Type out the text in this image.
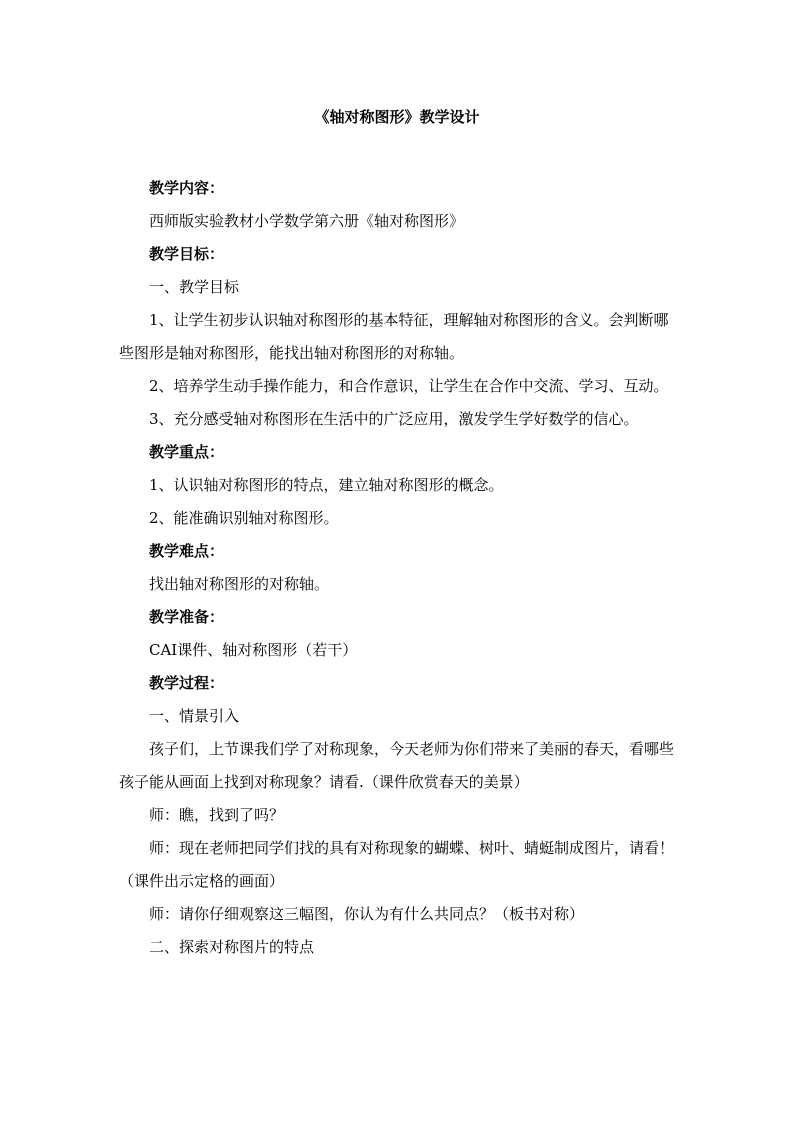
《轴对称图形》教学设计

教学内容：

西师版实验教材小学数学第六册《轴对称图形》

教学目标：

一、教学目标

1、让学生初步认识轴对称图形的基本特征，理解轴对称图形的含义。会判断哪些图形是轴对称图形，能找出轴对称图形的对称轴。

2、培养学生动手操作能力，和合作意识，让学生在合作中交流、学习、互动。

3、充分感受轴对称图形在生活中的广泛应用，激发学生学好数学的信心。

教学重点：

1、认识轴对称图形的特点，建立轴对称图形的概念。

2、能准确识别轴对称图形。

教学难点：

找出轴对称图形的对称轴。

教学准备：

CAI课件、轴对称图形（若干）

教学过程：

一、情景引入

孩子们，上节课我们学了对称现象，今天老师为你们带来了美丽的春天，看哪些孩子能从画面上找到对称现象？请看.（课件欣赏春天的美景）

师：瞧，找到了吗？

师：现在老师把同学们找的具有对称现象的蝴蝶、树叶、蜻蜓制成图片，请看！（课件出示定格的画面）

师：请你仔细观察这三幅图，你认为有什么共同点？（板书对称）

二、探索对称图片的特点
